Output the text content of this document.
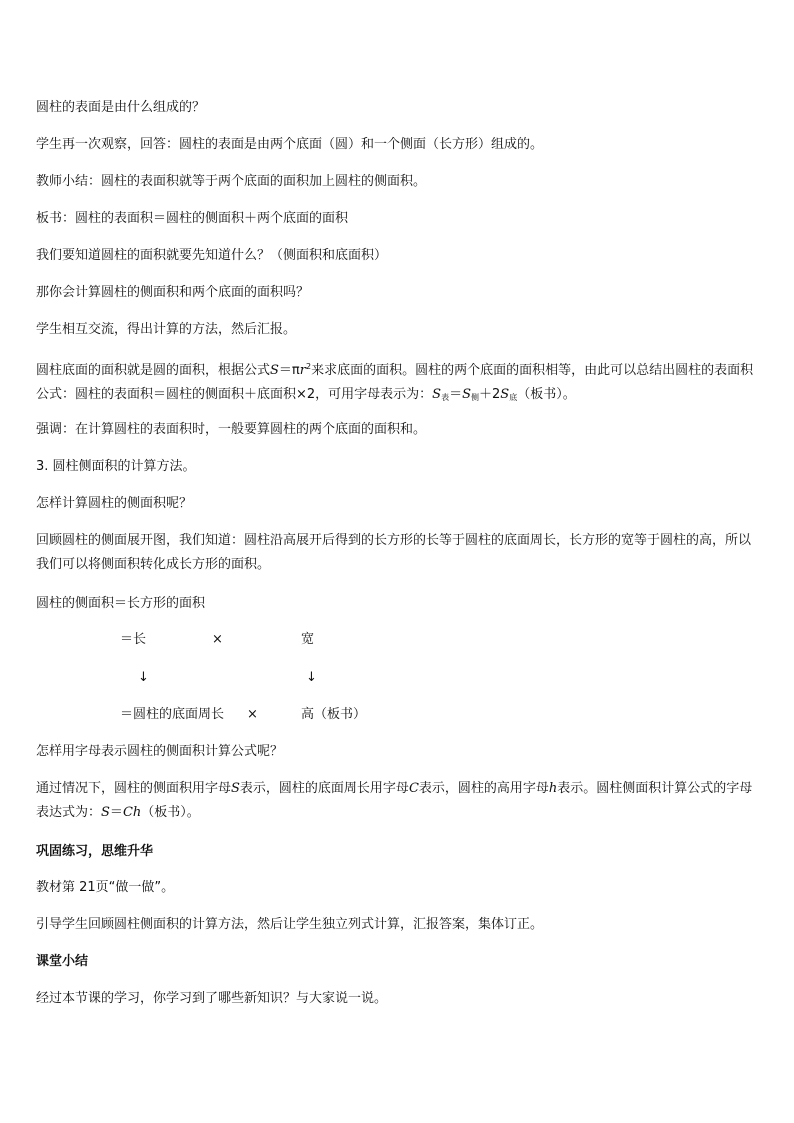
圆柱的表面是由什么组成的？
学生再一次观察，回答：圆柱的表面是由两个底面（圆）和一个侧面（长方形）组成的。
教师小结：圆柱的表面积就等于两个底面的面积加上圆柱的侧面积。
板书：圆柱的表面积＝圆柱的侧面积＋两个底面的面积
我们要知道圆柱的面积就要先知道什么？（侧面积和底面积）
那你会计算圆柱的侧面积和两个底面的面积吗？
学生相互交流，得出计算的方法，然后汇报。
圆柱底面的面积就是圆的面积，根据公式$S=\pi r^2$来求底面的面积。圆柱的两个底面的面积相等，由此可以总结出圆柱的表面积公式：圆柱的表面积＝圆柱的侧面积＋底面积×2，可用字母表示为：$S_表=S_侧+2S_底$（板书）。
强调：在计算圆柱的表面积时，一般要算圆柱的两个底面的面积和。
3. 圆柱侧面积的计算方法。
怎样计算圆柱的侧面积呢？
回顾圆柱的侧面展开图，我们知道：圆柱沿高展开后得到的长方形的长等于圆柱的底面周长，长方形的宽等于圆柱的高，所以我们可以将侧面积转化成长方形的面积。
圆柱的侧面积＝长方形的面积
＝长	×	宽
↓	↓
＝圆柱的底面周长 ×	高（板书）
怎样用字母表示圆柱的侧面积计算公式呢？
通过情况下，圆柱的侧面积用字母S表示，圆柱的底面周长用字母C表示，圆柱的高用字母h表示。圆柱侧面积计算公式的字母表达式为：S＝Ch（板书）。
巩固练习，思维升华
教材第 21页“做一做”。
引导学生回顾圆柱侧面积的计算方法，然后让学生独立列式计算，汇报答案，集体订正。
课堂小结
经过本节课的学习，你学习到了哪些新知识？与大家说一说。
